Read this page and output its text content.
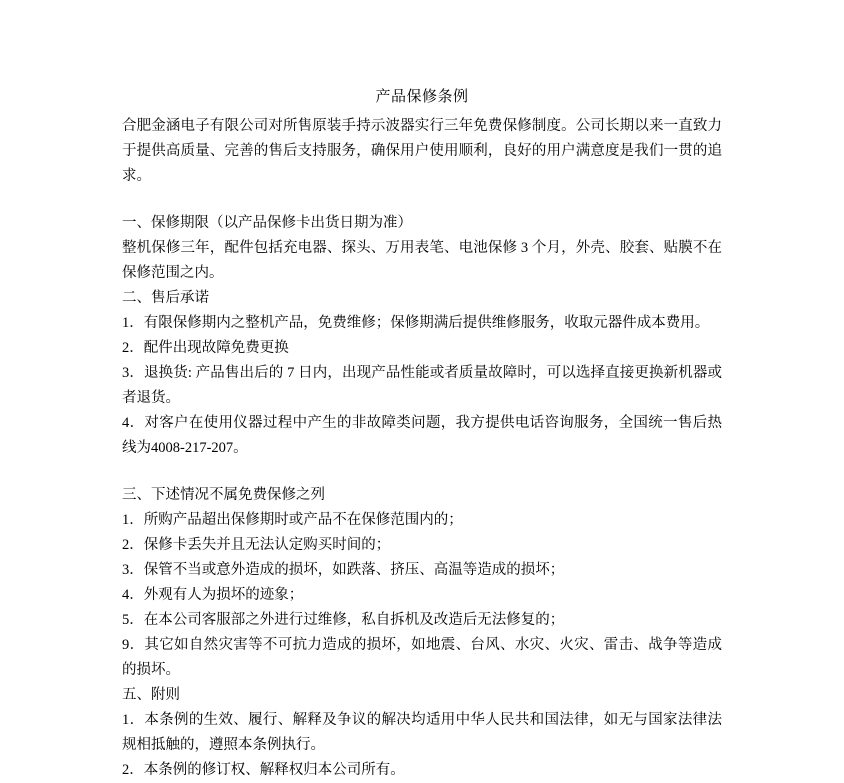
产品保修条例
合肥金涵电子有限公司对所售原装手持示波器实行三年免费保修制度。公司长期以来一直致力于提供高质量、完善的售后支持服务，确保用户使用顺利，良好的用户满意度是我们一贯的追求。
一、保修期限（以产品保修卡出货日期为准）
整机保修三年，配件包括充电器、探头、万用表笔、电池保修 3 个月，外壳、胶套、贴膜不在保修范围之内。
二、售后承诺
1．有限保修期内之整机产品，免费维修；保修期满后提供维修服务，收取元器件成本费用。
2．配件出现故障免费更换
3．退换货: 产品售出后的 7 日内，出现产品性能或者质量故障时，可以选择直接更换新机器或者退货。
4．对客户在使用仪器过程中产生的非故障类问题，我方提供电话咨询服务，全国统一售后热线为4008-217-207。
三、下述情况不属免费保修之列
1．所购产品超出保修期时或产品不在保修范围内的；
2．保修卡丢失并且无法认定购买时间的；
3．保管不当或意外造成的损坏，如跌落、挤压、高温等造成的损坏；
4．外观有人为损坏的迹象；
5．在本公司客服部之外进行过维修，私自拆机及改造后无法修复的；
9．其它如自然灾害等不可抗力造成的损坏，如地震、台风、水灾、火灾、雷击、战争等造成的损坏。
五、附则
1．本条例的生效、履行、解释及争议的解决均适用中华人民共和国法律，如无与国家法律法规相抵触的，遵照本条例执行。
2．本条例的修订权、解释权归本公司所有。
